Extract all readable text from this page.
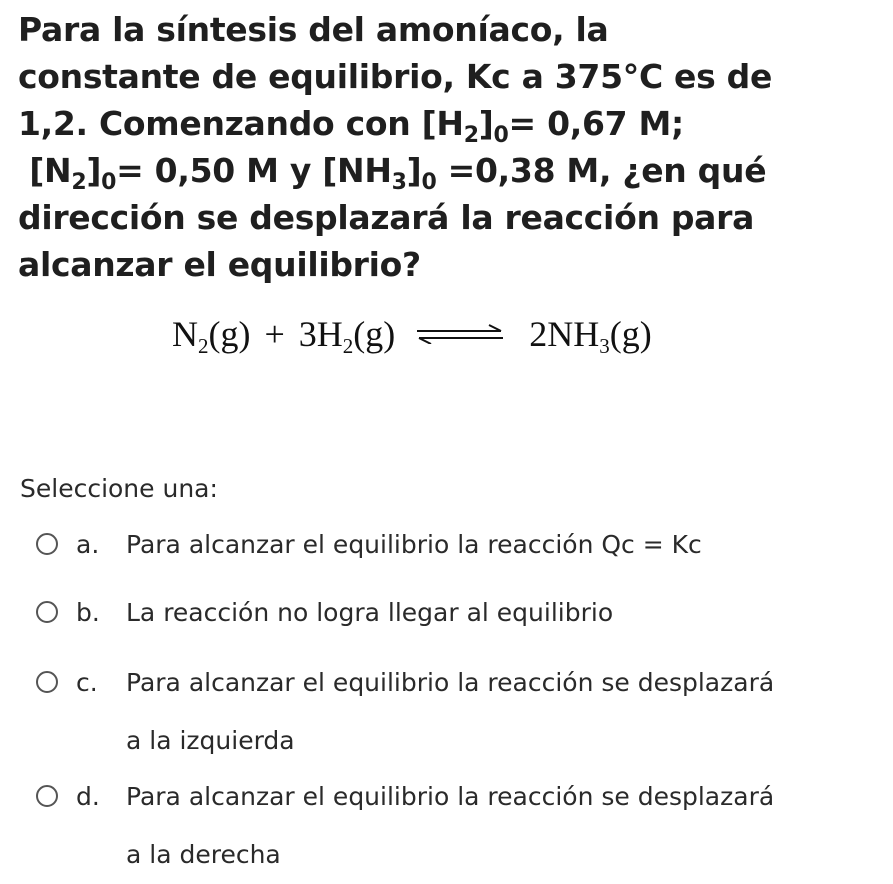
Para la síntesis del amoníaco, la
constante de equilibrio, Kc a 375°C es de
1,2. Comenzando con $[H_2]_0= 0,67$ M;
$[N_2]_0= 0,50$ M y $[NH_3]_0 =0,38$ M, ¿en qué
dirección se desplazará la reacción para
alcanzar el equilibrio?
$N_2(g) + 3H_2(g)$ ⇌ $2NH_3(g)$
Seleccione una:
a. Para alcanzar el equilibrio la reacción Qc = Kc
b. La reacción no logra llegar al equilibrio
c. Para alcanzar el equilibrio la reacción se desplazará
a la izquierda
d. Para alcanzar el equilibrio la reacción se desplazará
a la derecha
